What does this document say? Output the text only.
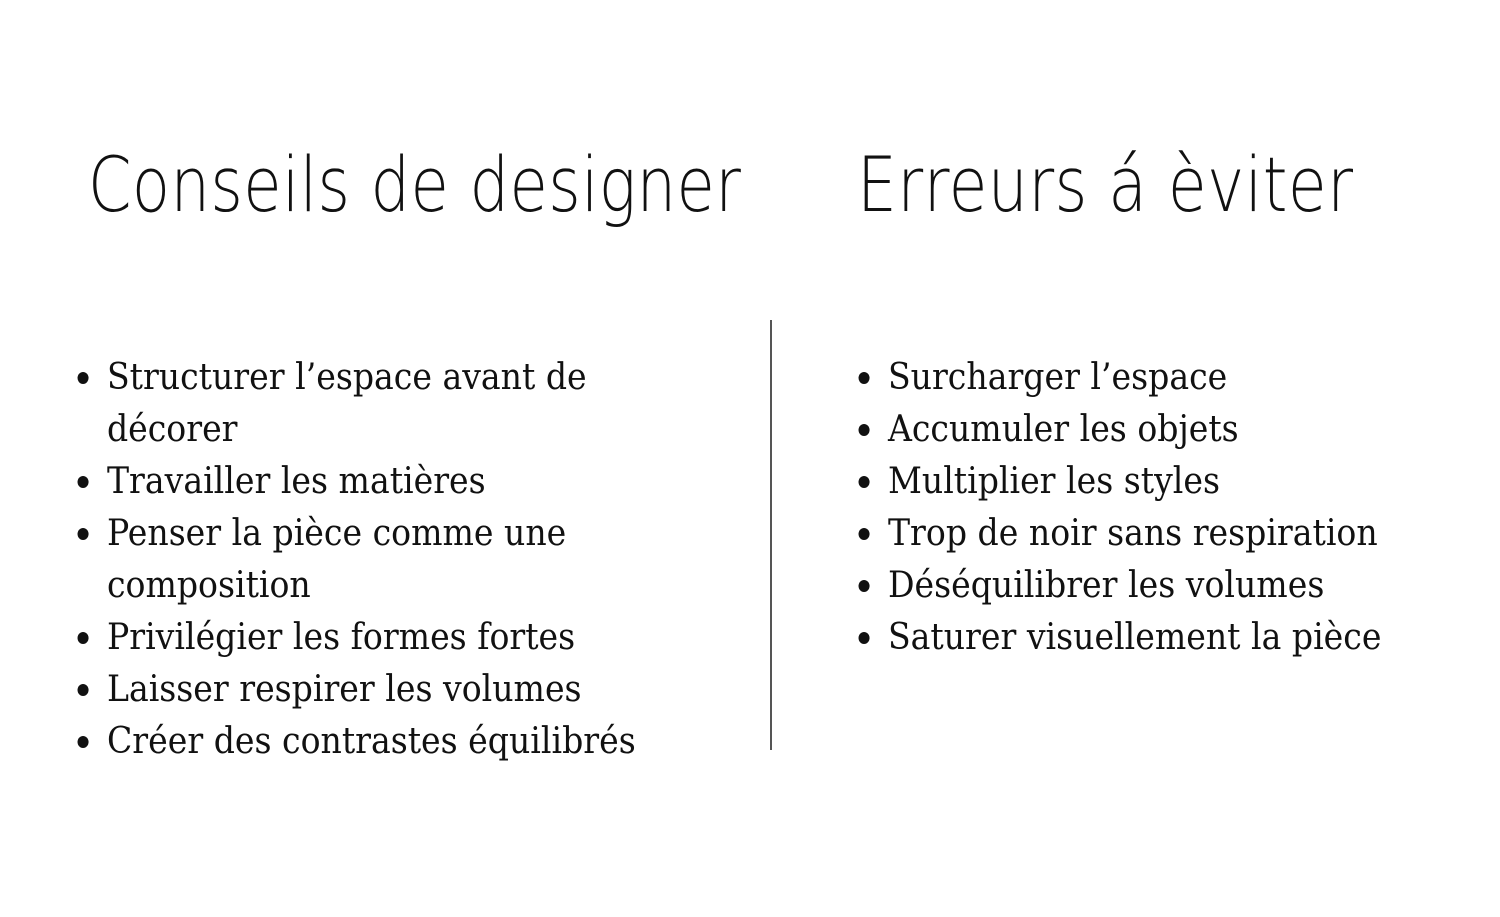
Conseils de designer
Structurer l’espace avant de décorer
Travailler les matières
Penser la pièce comme une composition
Privilégier les formes fortes
Laisser respirer les volumes
Créer des contrastes équilibrés
Erreurs á èviter
Surcharger l’espace
Accumuler les objets
Multiplier les styles
Trop de noir sans respiration
Déséquilibrer les volumes
Saturer visuellement la pièce
